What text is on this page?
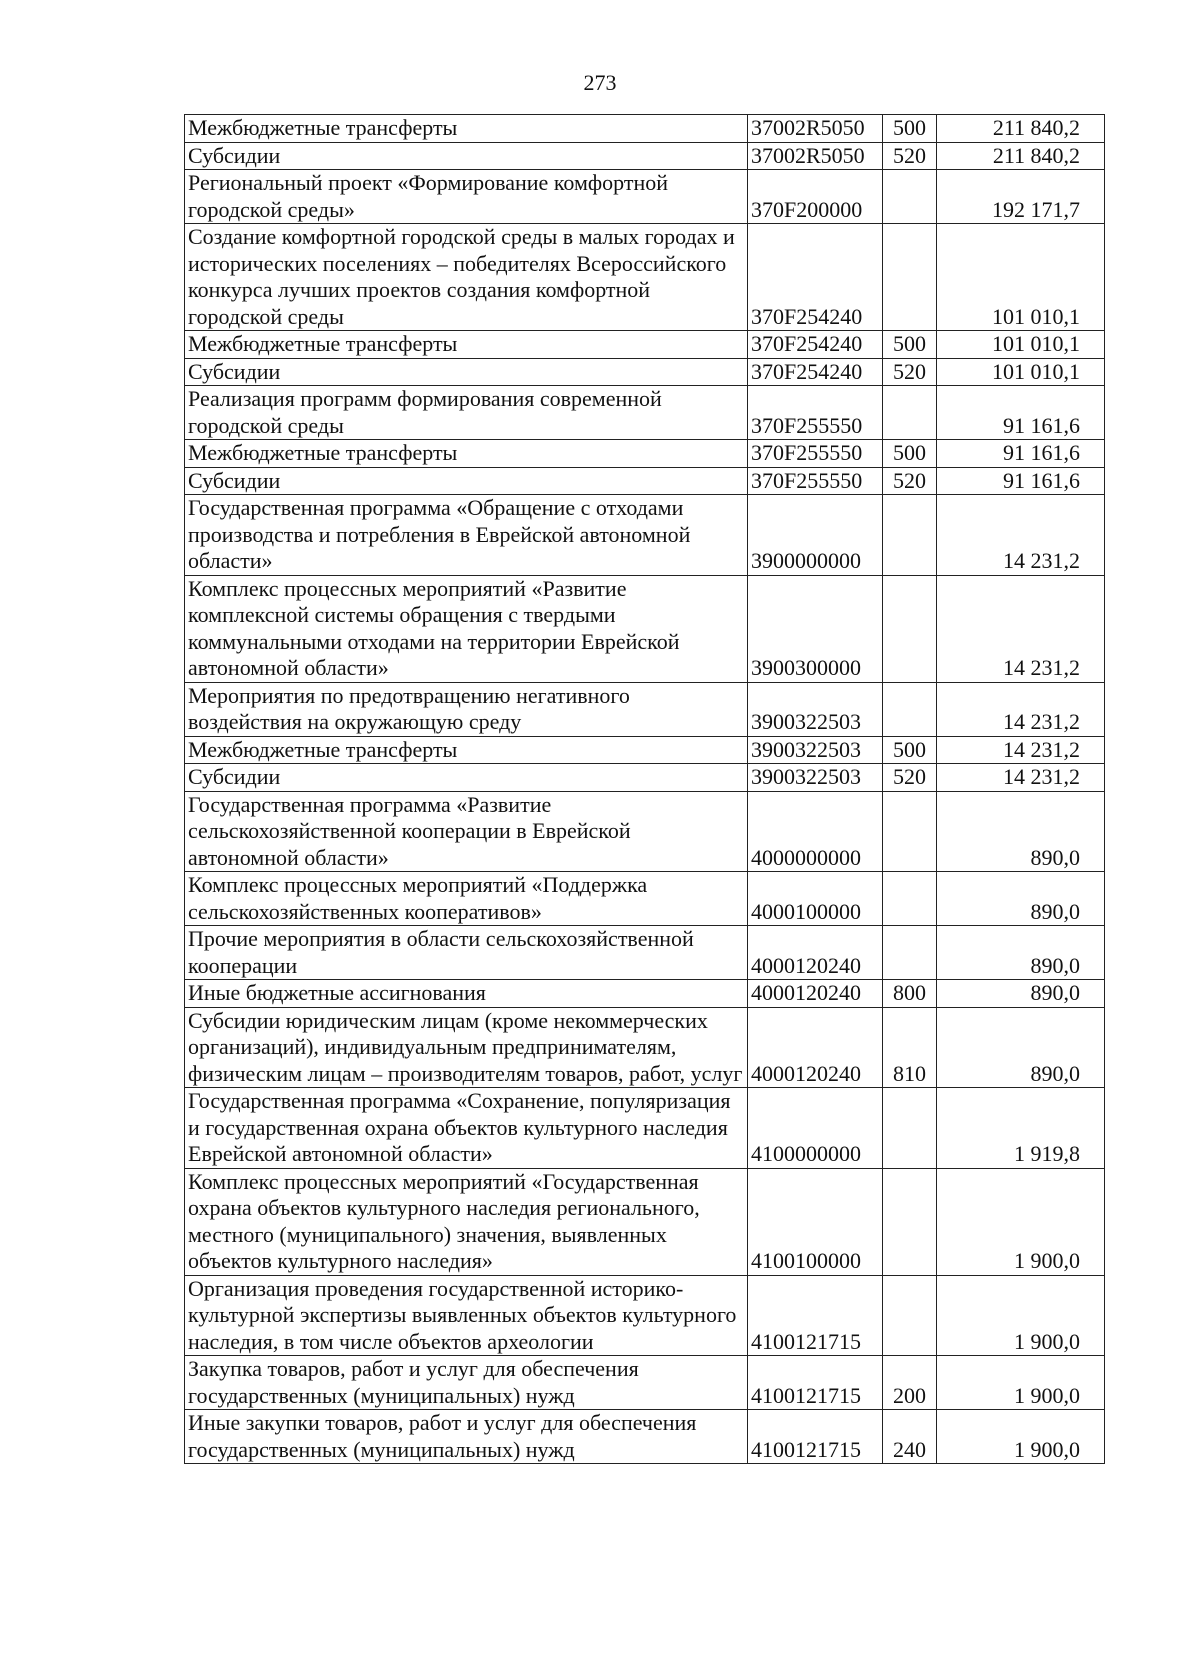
273
Межбюджетные трансферты	37002R5050	500	211 840,2
Субсидии	37002R5050	520	211 840,2
Региональный проект «Формирование комфортной городской среды»	370F200000		192 171,7
Создание комфортной городской среды в малых городах и исторических поселениях – победителях Всероссийского конкурса лучших проектов создания комфортной городской среды	370F254240		101 010,1
Межбюджетные трансферты	370F254240	500	101 010,1
Субсидии	370F254240	520	101 010,1
Реализация программ формирования современной городской среды	370F255550		91 161,6
Межбюджетные трансферты	370F255550	500	91 161,6
Субсидии	370F255550	520	91 161,6
Государственная программа «Обращение с отходами производства и потребления в Еврейской автономной области»	3900000000		14 231,2
Комплекс процессных мероприятий «Развитие комплексной системы обращения с твердыми коммунальными отходами на территории Еврейской автономной области»	3900300000		14 231,2
Мероприятия по предотвращению негативного воздействия на окружающую среду	3900322503		14 231,2
Межбюджетные трансферты	3900322503	500	14 231,2
Субсидии	3900322503	520	14 231,2
Государственная программа «Развитие сельскохозяйственной кооперации в Еврейской автономной области»	4000000000		890,0
Комплекс процессных мероприятий «Поддержка сельскохозяйственных кооперативов»	4000100000		890,0
Прочие мероприятия в области сельскохозяйственной кооперации	4000120240		890,0
Иные бюджетные ассигнования	4000120240	800	890,0
Субсидии юридическим лицам (кроме некоммерческих организаций), индивидуальным предпринимателям, физическим лицам – производителям товаров, работ, услуг	4000120240	810	890,0
Государственная программа «Сохранение, популяризация и государственная охрана объектов культурного наследия Еврейской автономной области»	4100000000		1 919,8
Комплекс процессных мероприятий «Государственная охрана объектов культурного наследия регионального, местного (муниципального) значения, выявленных объектов культурного наследия»	4100100000		1 900,0
Организация проведения государственной историко-культурной экспертизы выявленных объектов культурного наследия, в том числе объектов археологии	4100121715		1 900,0
Закупка товаров, работ и услуг для обеспечения государственных (муниципальных) нужд	4100121715	200	1 900,0
Иные закупки товаров, работ и услуг для обеспечения государственных (муниципальных) нужд	4100121715	240	1 900,0
